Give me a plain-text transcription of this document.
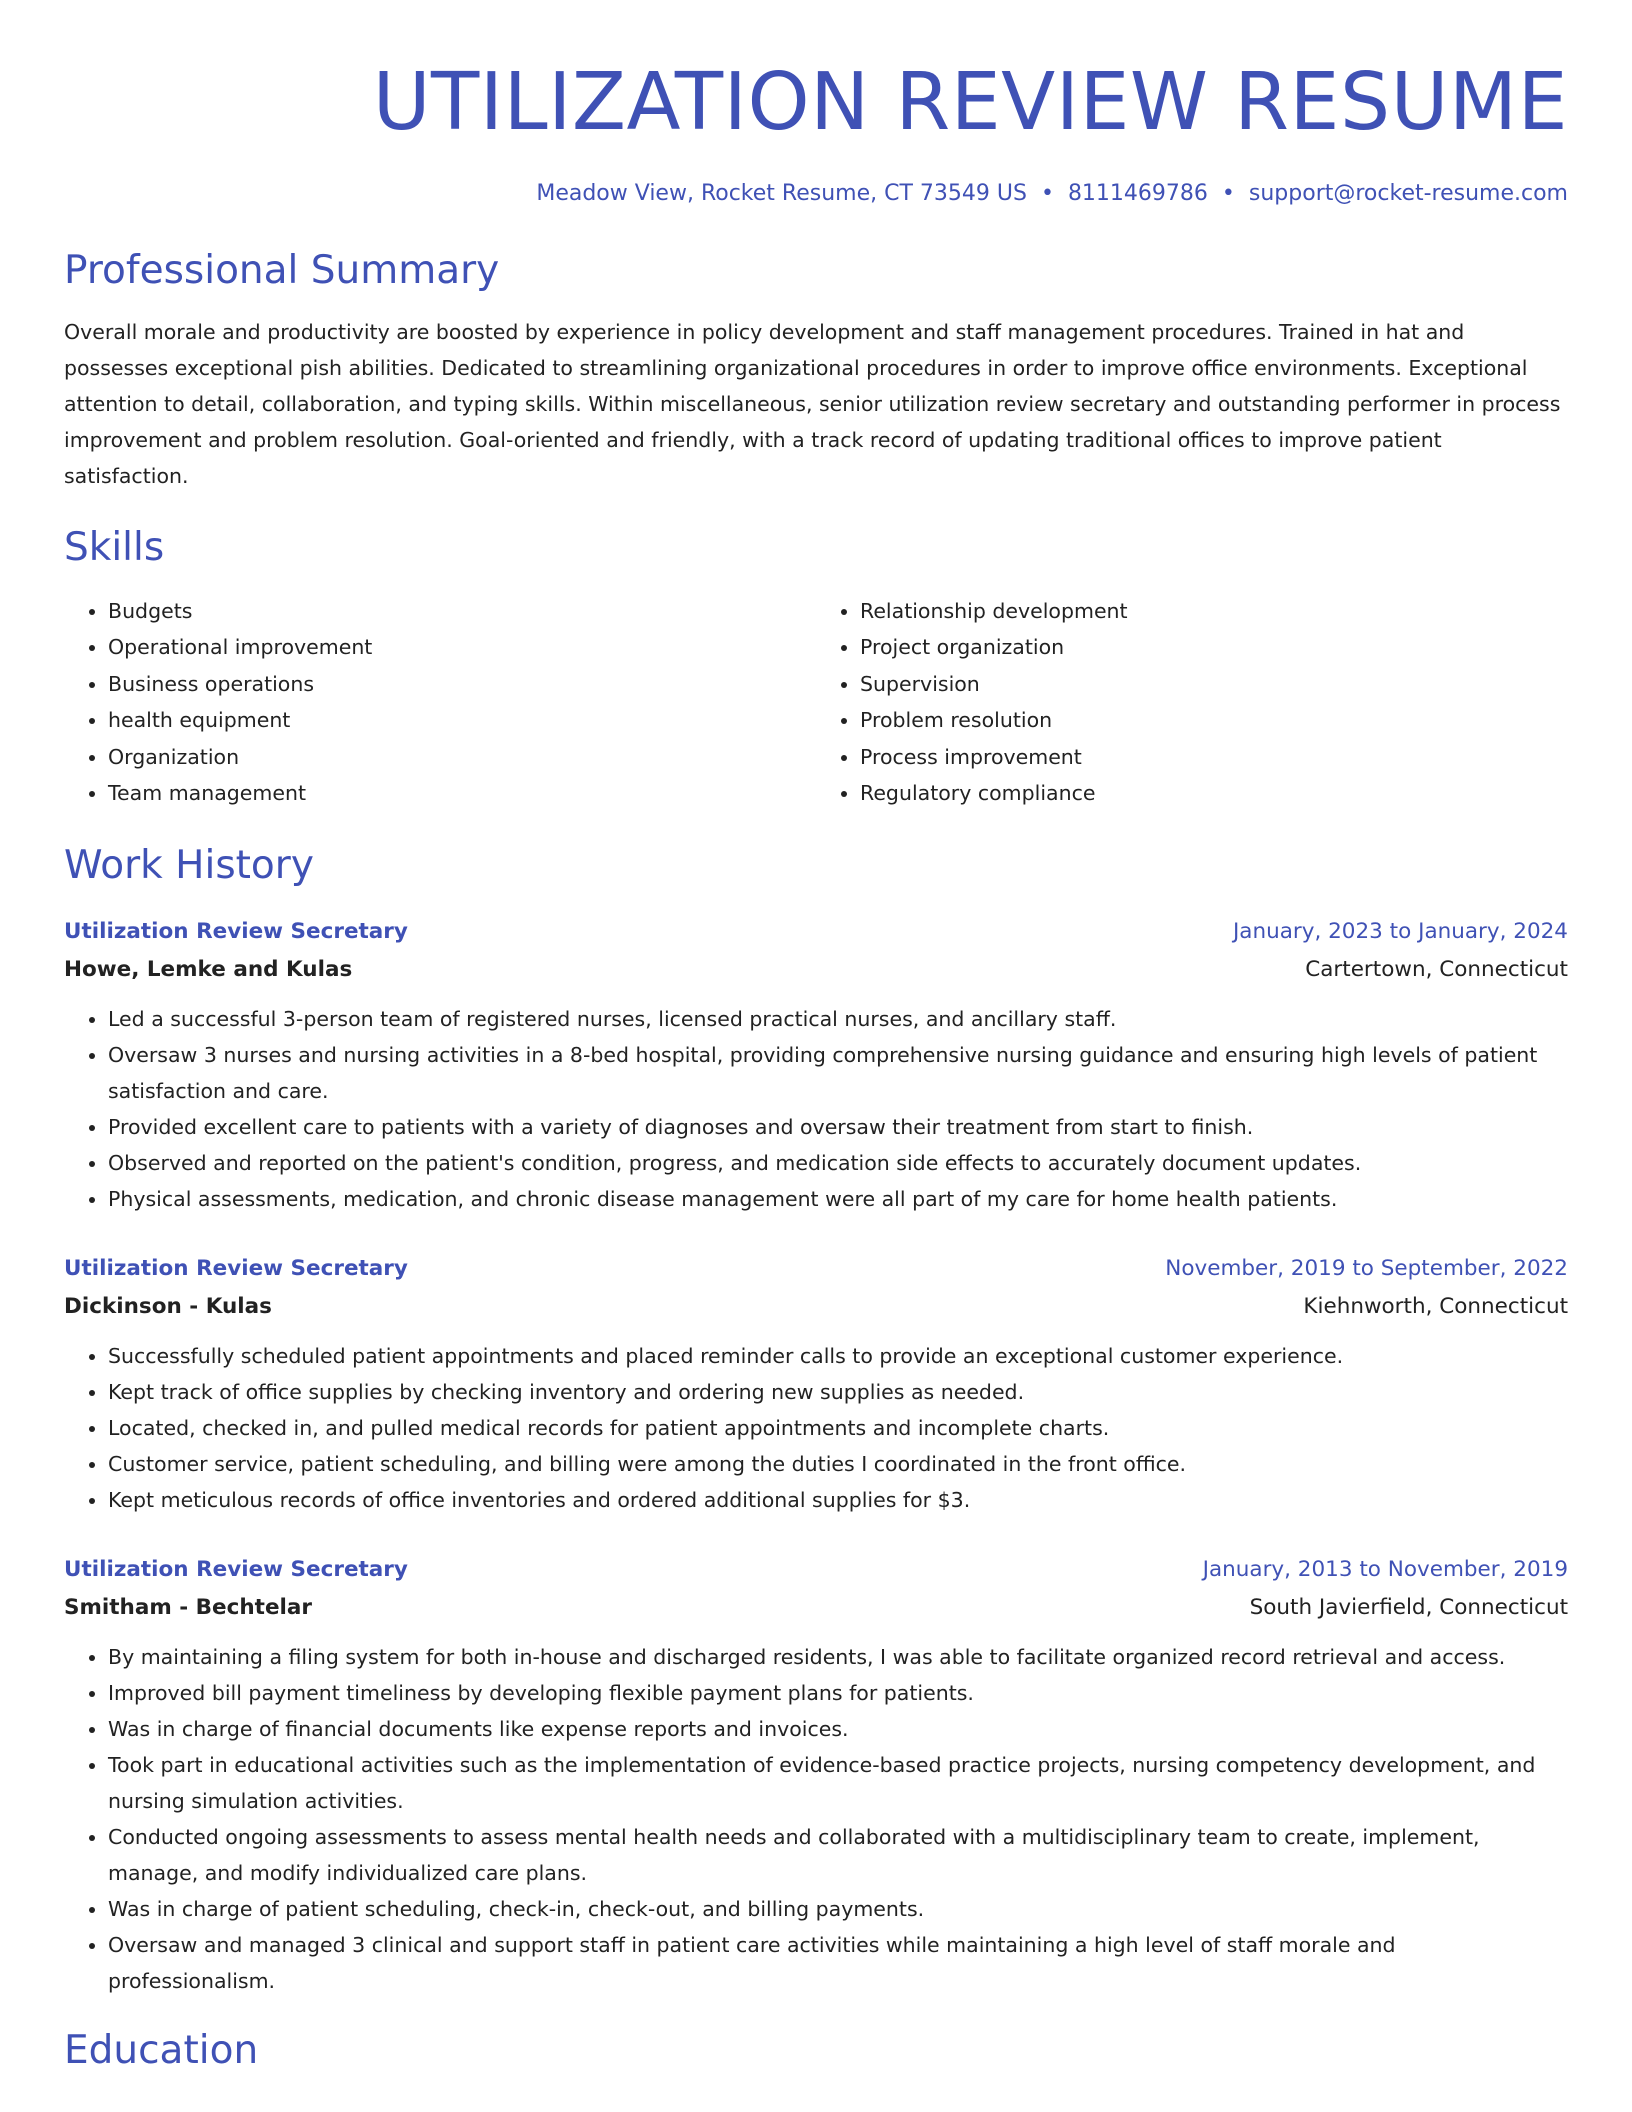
UTILIZATION REVIEW RESUME
Meadow View, Rocket Resume, CT 73549 US • 8111469786 • support@rocket-resume.com
Professional Summary
Overall morale and productivity are boosted by experience in policy development and staff management procedures. Trained in hat and possesses exceptional pish abilities. Dedicated to streamlining organizational procedures in order to improve office environments. Exceptional attention to detail, collaboration, and typing skills. Within miscellaneous, senior utilization review secretary and outstanding performer in process improvement and problem resolution. Goal-oriented and friendly, with a track record of updating traditional offices to improve patient satisfaction.
Skills
• Budgets
• Operational improvement
• Business operations
• health equipment
• Organization
• Team management
• Relationship development
• Project organization
• Supervision
• Problem resolution
• Process improvement
• Regulatory compliance
Work History
Utilization Review Secretary	January, 2023 to January, 2024
Howe, Lemke and Kulas	Cartertown, Connecticut
• Led a successful 3-person team of registered nurses, licensed practical nurses, and ancillary staff.
• Oversaw 3 nurses and nursing activities in a 8-bed hospital, providing comprehensive nursing guidance and ensuring high levels of patient satisfaction and care.
• Provided excellent care to patients with a variety of diagnoses and oversaw their treatment from start to finish.
• Observed and reported on the patient's condition, progress, and medication side effects to accurately document updates.
• Physical assessments, medication, and chronic disease management were all part of my care for home health patients.
Utilization Review Secretary	November, 2019 to September, 2022
Dickinson - Kulas	Kiehnworth, Connecticut
• Successfully scheduled patient appointments and placed reminder calls to provide an exceptional customer experience.
• Kept track of office supplies by checking inventory and ordering new supplies as needed.
• Located, checked in, and pulled medical records for patient appointments and incomplete charts.
• Customer service, patient scheduling, and billing were among the duties I coordinated in the front office.
• Kept meticulous records of office inventories and ordered additional supplies for $3.
Utilization Review Secretary	January, 2013 to November, 2019
Smitham - Bechtelar	South Javierfield, Connecticut
• By maintaining a filing system for both in-house and discharged residents, I was able to facilitate organized record retrieval and access.
• Improved bill payment timeliness by developing flexible payment plans for patients.
• Was in charge of financial documents like expense reports and invoices.
• Took part in educational activities such as the implementation of evidence-based practice projects, nursing competency development, and nursing simulation activities.
• Conducted ongoing assessments to assess mental health needs and collaborated with a multidisciplinary team to create, implement, manage, and modify individualized care plans.
• Was in charge of patient scheduling, check-in, check-out, and billing payments.
• Oversaw and managed 3 clinical and support staff in patient care activities while maintaining a high level of staff morale and professionalism.
Education
